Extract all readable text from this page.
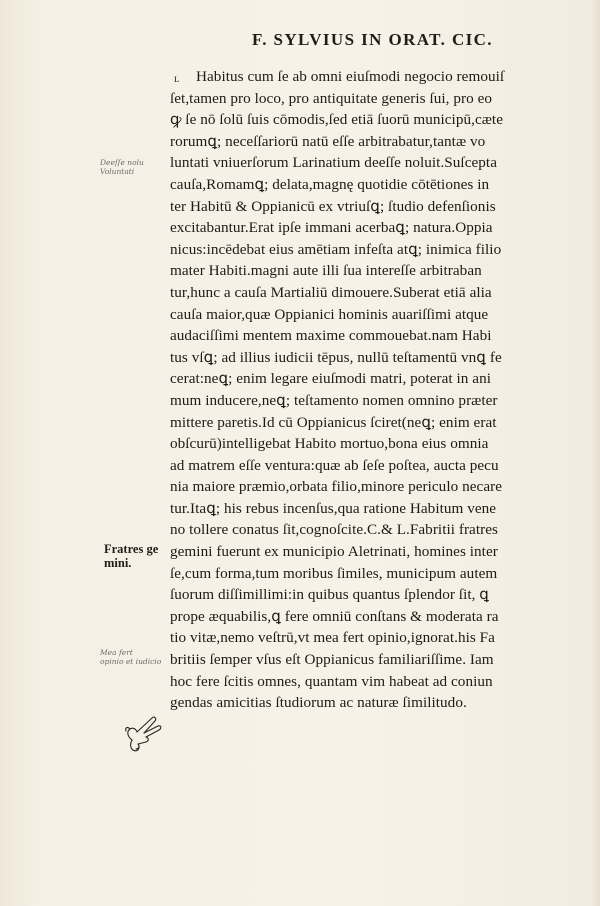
F. SYLVIUS IN ORAT. CIC.
ʟ	Habitus cum ſe ab omni eiuſmodi negocio remouiſ
ſet,tamen pro loco, pro antiquitate generis ſui, pro eo
ꝙ ſe nō ſolū ſuis cōmodis,ſed etiā ſuorū municipū,cæte
rorumꝗ; neceſſariorū natū eſſe arbitrabatur,tantæ vo
luntati vniuerſorum Larinatium deeſſe noluit.Suſcepta
cauſa,Romamꝗ; delata,magnę quotidie cōtētiones in
ter Habitū & Oppianicū ex vtriuſꝗ; ſtudio defenſionis
excitabantur.Erat ipſe immani acerbaꝗ; natura.Oppia
nicus:incēdebat eius amētiam infeſta atꝗ; inimica filio
mater Habiti.magni aute illi ſua intereſſe arbitraban
tur,hunc a cauſa Martialiū dimouere.Suberat etiā alia
cauſa maior,quæ Oppianici hominis auariſſimi atque
audaciſſimi mentem maxime commouebat.nam Habi
tus vſꝗ; ad illius iudicii tēpus, nullū teſtamentū vnꝗ fe
cerat:neꝗ; enim legare eiuſmodi matri, poterat in ani
mum inducere,neꝗ; teſtamento nomen omnino præter
mittere paretis.Id cū Oppianicus ſciret(neꝗ; enim erat
obſcurū)intelligebat Habito mortuo,bona eius omnia
ad matrem eſſe ventura:quæ ab ſeſe poſtea, aucta pecu
nia maiore præmio,orbata filio,minore periculo necare
tur.Itaꝗ; his rebus incenſus,qua ratione Habitum vene
no tollere conatus ſit,cognoſcite.C.& L.Fabritii fratres
gemini fuerunt ex municipio Aletrinati, homines inter
ſe,cum forma,tum moribus ſimiles, municipum autem
ſuorum diſſimillimi:in quibus quantus ſplendor ſit, ꝗ
prope æquabilis,ꝗ fere omniū conſtans & moderata ra
tio vitæ,nemo veſtrū,vt mea fert opinio,ignorat.his Fa
britiis ſemper vſus eſt Oppianicus familiariſſime. Iam
hoc fere ſcitis omnes, quantam vim habeat ad coniun
gendas amicitias ſtudiorum ac naturæ ſimilitudo.
Fratres ge
mini.
Deeſſe nolu
Voluntati
Mea fert
opinio et iudicio
